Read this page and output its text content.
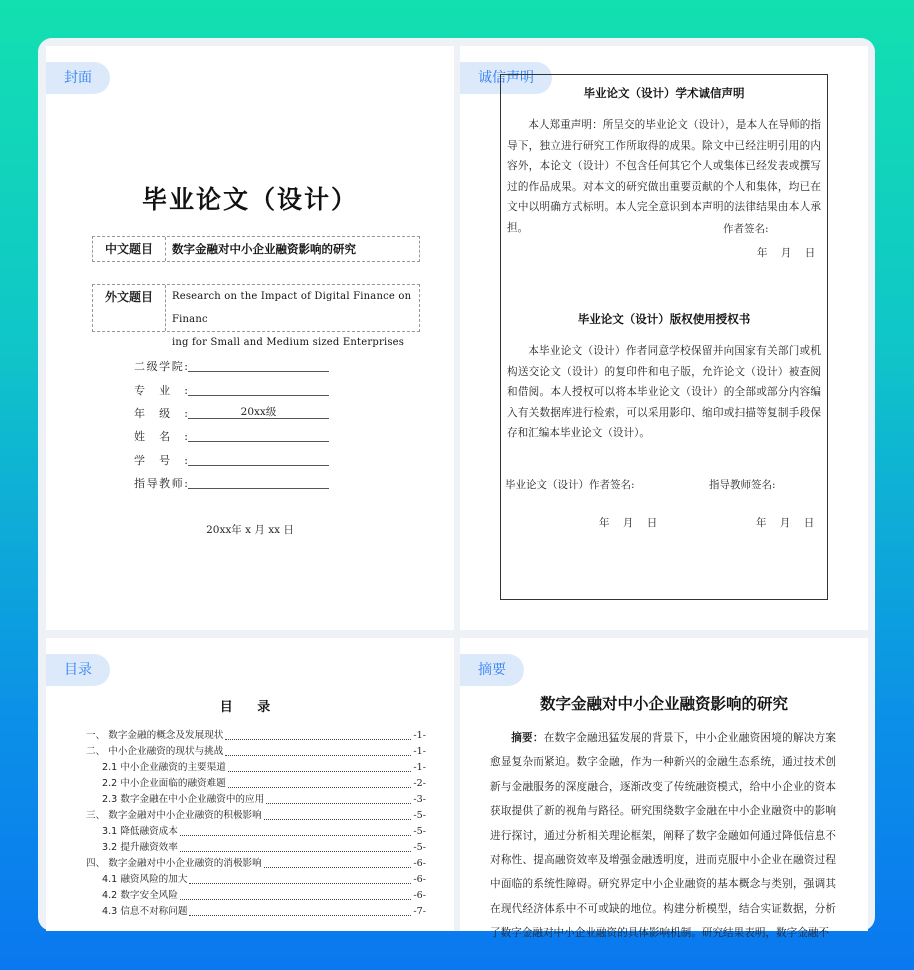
封面
毕业论文（设计）
中文题目	数字金融对中小企业融资影响的研究
外文题目	Research on the Impact of Digital Finance on Financ
ing for Small and Medium sized Enterprises
二级学院:
专业:
年级:	20xx级
姓名:
学号:
指导教师:
20xx年 x 月 xx 日
诚信声明
毕业论文（设计）学术诚信声明
本人郑重声明：所呈交的毕业论文（设计），是本人在导师的指导下，独立进行研究工作所取得的成果。除文中已经注明引用的内容外，本论文（设计）不包含任何其它个人或集体已经发表或撰写过的作品成果。对本文的研究做出重要贡献的个人和集体，均已在文中以明确方式标明。本人完全意识到本声明的法律结果由本人承担。	作者签名:
年    月    日
毕业论文（设计）版权使用授权书
本毕业论文（设计）作者同意学校保留并向国家有关部门或机构送交论文（设计）的复印件和电子版，允许论文（设计）被查阅和借阅。本人授权可以将本毕业论文（设计）的全部或部分内容编入有关数据库进行检索，可以采用影印、缩印或扫描等复制手段保存和汇编本毕业论文（设计）。
毕业论文（设计）作者签名:	指导教师签名:
年    月    日	年    月    日
目录
目 录
一、 数字金融的概念及发展现状	-1-
二、 中小企业融资的现状与挑战	-1-
2.1 中小企业融资的主要渠道	-1-
2.2 中小企业面临的融资难题	-2-
2.3 数字金融在中小企业融资中的应用	-3-
三、 数字金融对中小企业融资的积极影响	-5-
3.1 降低融资成本	-5-
3.2 提升融资效率	-5-
四、 数字金融对中小企业融资的消极影响	-6-
4.1 融资风险的加大	-6-
4.2 数字安全风险	-6-
4.3 信息不对称问题	-7-
摘要
数字金融对中小企业融资影响的研究
摘要：在数字金融迅猛发展的背景下，中小企业融资困境的解决方案愈显复杂而紧迫。数字金融，作为一种新兴的金融生态系统，通过技术创新与金融服务的深度融合，逐渐改变了传统融资模式，给中小企业的资本获取提供了新的视角与路径。研究围绕数字金融在中小企业融资中的影响进行探讨，通过分析相关理论框架，阐释了数字金融如何通过降低信息不对称性、提高融资效率及增强金融透明度，进而克服中小企业在融资过程中面临的系统性障碍。研究界定中小企业融资的基本概念与类别，强调其在现代经济体系中不可或缺的地位。构建分析模型，结合实证数据，分析了数字金融对中小企业融资的具体影响机制。研究结果表明，数字金融不
